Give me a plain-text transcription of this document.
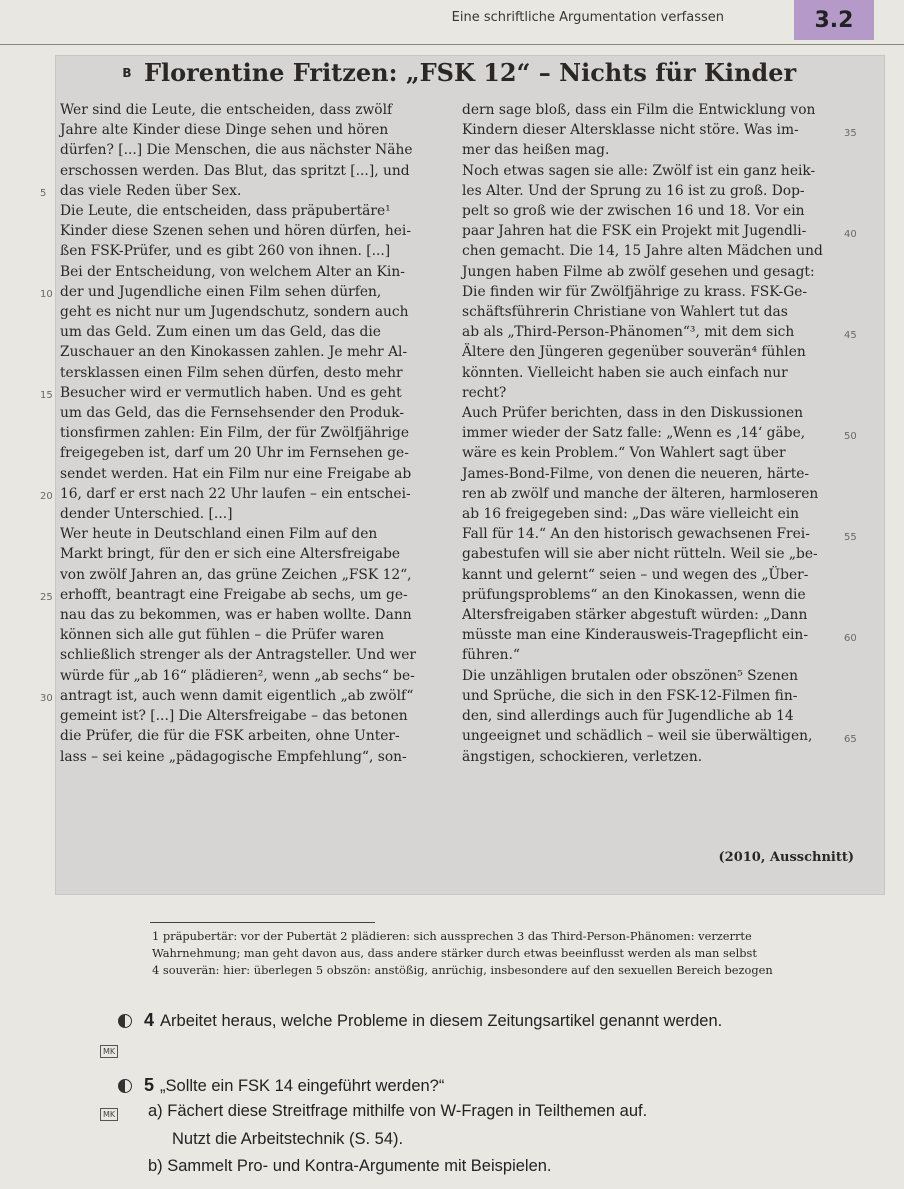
Eine schriftliche Argumentation verfassen	3.2
B Florentine Fritzen: „FSK 12“ – Nichts für Kinder

Wer sind die Leute, die entscheiden, dass zwölf

Jahre alte Kinder diese Dinge sehen und hören

dürfen? [...] Die Menschen, die aus nächster Nähe

erschossen werden. Das Blut, das spritzt [...], und

das viele Reden über Sex.
5

Die Leute, die entscheiden, dass präpubertäre¹

Kinder diese Szenen sehen und hören dürfen, hei-

ßen FSK-Prüfer, und es gibt 260 von ihnen. [...]

Bei der Entscheidung, von welchem Alter an Kin-

der und Jugendliche einen Film sehen dürfen,
10

geht es nicht nur um Jugendschutz, sondern auch

um das Geld. Zum einen um das Geld, das die

Zuschauer an den Kinokassen zahlen. Je mehr Al-

tersklassen einen Film sehen dürfen, desto mehr

Besucher wird er vermutlich haben. Und es geht
15

um das Geld, das die Fernsehsender den Produk-

tionsfirmen zahlen: Ein Film, der für Zwölfjährige

freigegeben ist, darf um 20 Uhr im Fernsehen ge-

sendet werden. Hat ein Film nur eine Freigabe ab

16, darf er erst nach 22 Uhr laufen – ein entschei-
20

dender Unterschied. [...]

Wer heute in Deutschland einen Film auf den

Markt bringt, für den er sich eine Altersfreigabe

von zwölf Jahren an, das grüne Zeichen „FSK 12“,

erhofft, beantragt eine Freigabe ab sechs, um ge-
25

nau das zu bekommen, was er haben wollte. Dann

können sich alle gut fühlen – die Prüfer waren

schließlich strenger als der Antragsteller. Und wer

würde für „ab 16“ plädieren², wenn „ab sechs“ be-

antragt ist, auch wenn damit eigentlich „ab zwölf“
30

gemeint ist? [...] Die Altersfreigabe – das betonen

die Prüfer, die für die FSK arbeiten, ohne Unter-

lass – sei keine „pädagogische Empfehlung“, son-

dern sage bloß, dass ein Film die Entwicklung von

Kindern dieser Altersklasse nicht störe. Was im-	35

mer das heißen mag.

Noch etwas sagen sie alle: Zwölf ist ein ganz heik-

les Alter. Und der Sprung zu 16 ist zu groß. Dop-

pelt so groß wie der zwischen 16 und 18. Vor ein

paar Jahren hat die FSK ein Projekt mit Jugendli-	40

chen gemacht. Die 14, 15 Jahre alten Mädchen und

Jungen haben Filme ab zwölf gesehen und gesagt:

Die finden wir für Zwölfjährige zu krass. FSK-Ge-

schäftsführerin Christiane von Wahlert tut das

ab als „Third-Person-Phänomen“³, mit dem sich	45

Ältere den Jüngeren gegenüber souverän⁴ fühlen

könnten. Vielleicht haben sie auch einfach nur

recht?

Auch Prüfer berichten, dass in den Diskussionen

immer wieder der Satz falle: „Wenn es ‚14‘ gäbe,	50

wäre es kein Problem.“ Von Wahlert sagt über

James-Bond-Filme, von denen die neueren, härte-

ren ab zwölf und manche der älteren, harmloseren

ab 16 freigegeben sind: „Das wäre vielleicht ein

Fall für 14.“ An den historisch gewachsenen Frei-	55

gabestufen will sie aber nicht rütteln. Weil sie „be-

kannt und gelernt“ seien – und wegen des „Über-

prüfungsproblems“ an den Kinokassen, wenn die

Altersfreigaben stärker abgestuft würden: „Dann

müsste man eine Kinderausweis-Tragepflicht ein-	60

führen.“

Die unzähligen brutalen oder obszönen⁵ Szenen

und Sprüche, die sich in den FSK-12-Filmen fin-

den, sind allerdings auch für Jugendliche ab 14

ungeeignet und schädlich – weil sie überwältigen,	65

ängstigen, schockieren, verletzen.

(2010, Ausschnitt)
1 präpubertär: vor der Pubertät 2 plädieren: sich aussprechen 3 das Third-Person-Phänomen: verzerrte
Wahrnehmung; man geht davon aus, dass andere stärker durch etwas beeinflusst werden als man selbst
4 souverän: hier: überlegen 5 obszön: anstößig, anrüchig, insbesondere auf den sexuellen Bereich bezogen
4 Arbeitet heraus, welche Probleme in diesem Zeitungsartikel genannt werden.
MK
5 „Sollte ein FSK 14 eingeführt werden?“
MK a) Fächert diese Streitfrage mithilfe von W-Fragen in Teilthemen auf.
Nutzt die Arbeitstechnik (S. 54).
b) Sammelt Pro- und Kontra-Argumente mit Beispielen.
